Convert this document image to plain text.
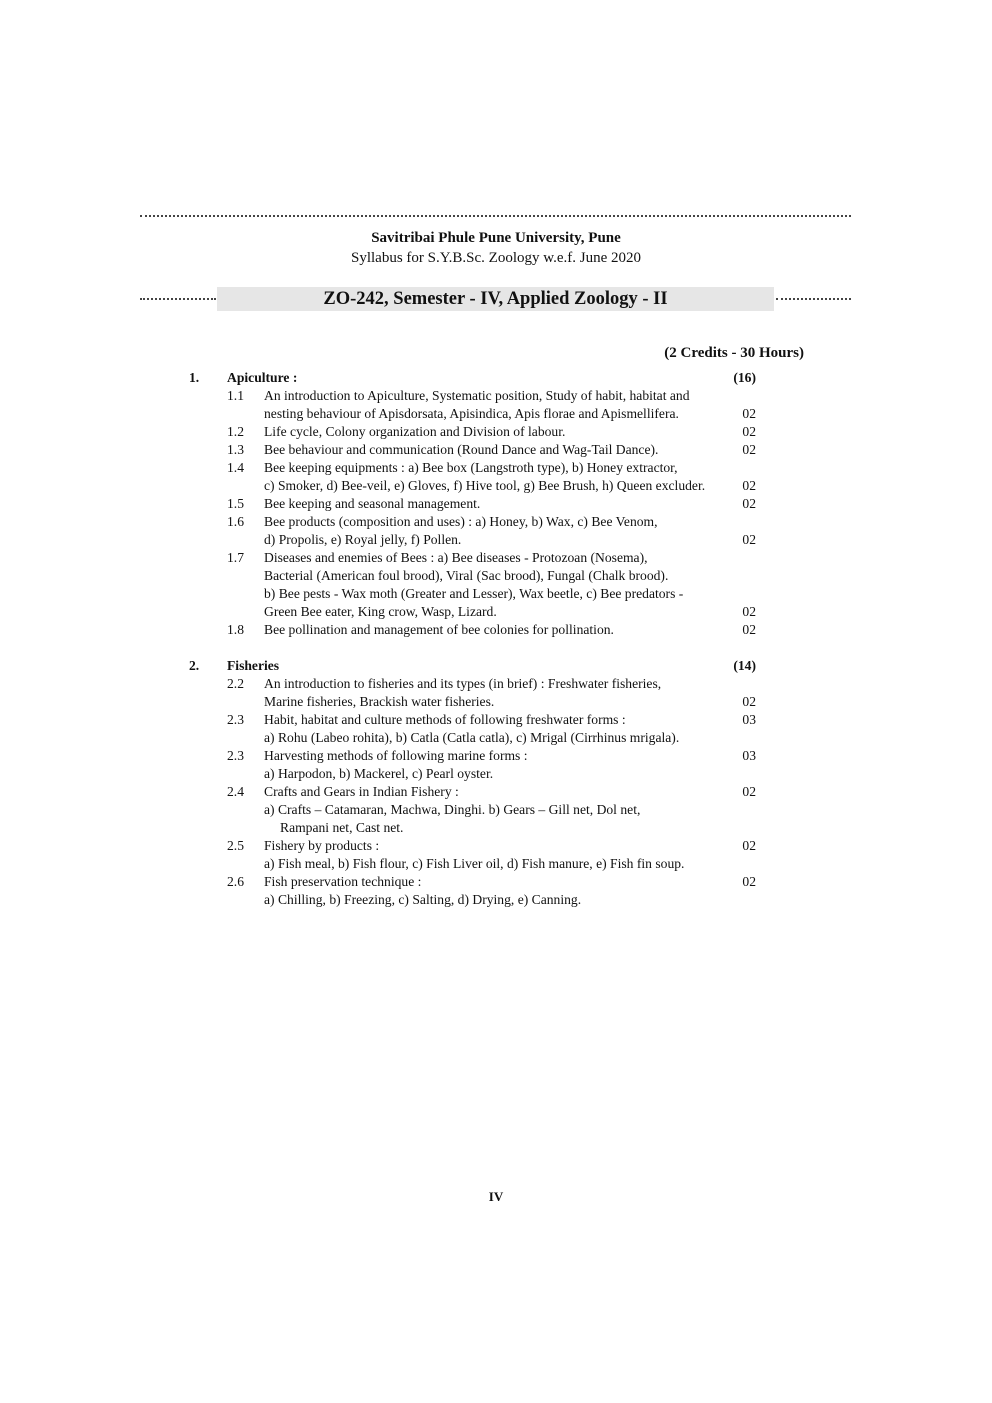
Savitribai Phule Pune University, Pune
Syllabus for S.Y.B.Sc. Zoology w.e.f. June 2020
ZO-242, Semester - IV, Applied Zoology - II
(2 Credits - 30 Hours)
1. Apiculture :	(16)
1.1 An introduction to Apiculture, Systematic position, Study of habit, habitat and
nesting behaviour of Apisdorsata, Apisindica, Apis florae and Apismellifera.	02
1.2 Life cycle, Colony organization and Division of labour.	02
1.3 Bee behaviour and communication (Round Dance and Wag-Tail Dance).	02
1.4 Bee keeping equipments : a) Bee box (Langstroth type), b) Honey extractor,
c) Smoker, d) Bee-veil, e) Gloves, f) Hive tool, g) Bee Brush, h) Queen excluder.	02
1.5 Bee keeping and seasonal management.	02
1.6 Bee products (composition and uses) : a) Honey, b) Wax, c) Bee Venom,
d) Propolis, e) Royal jelly, f) Pollen.	02
1.7 Diseases and enemies of Bees : a) Bee diseases - Protozoan (Nosema),
Bacterial (American foul brood), Viral (Sac brood), Fungal (Chalk brood).
b) Bee pests - Wax moth (Greater and Lesser), Wax beetle, c) Bee predators -
Green Bee eater, King crow, Wasp, Lizard.	02
1.8 Bee pollination and management of bee colonies for pollination.	02
2. Fisheries	(14)
2.2 An introduction to fisheries and its types (in brief) : Freshwater fisheries,
Marine fisheries, Brackish water fisheries.	02
2.3 Habit, habitat and culture methods of following freshwater forms :	03
a) Rohu (Labeo rohita), b) Catla (Catla catla), c) Mrigal (Cirrhinus mrigala).
2.3 Harvesting methods of following marine forms :	03
a) Harpodon, b) Mackerel, c) Pearl oyster.
2.4 Crafts and Gears in Indian Fishery :	02
a) Crafts – Catamaran, Machwa, Dinghi. b) Gears – Gill net, Dol net,
Rampani net, Cast net.
2.5 Fishery by products :	02
a) Fish meal, b) Fish flour, c) Fish Liver oil, d) Fish manure, e) Fish fin soup.
2.6 Fish preservation technique :	02
a) Chilling, b) Freezing, c) Salting, d) Drying, e) Canning.
IV
